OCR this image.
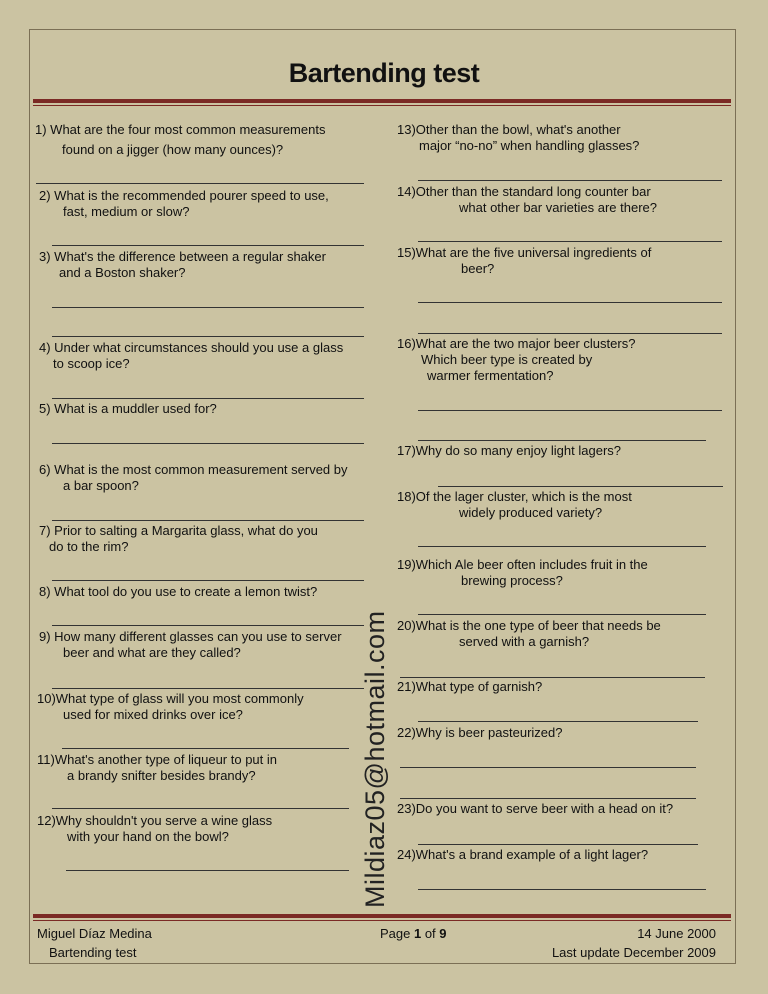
Bartending test
1) What are the four most common measurements
found on a jigger (how many ounces)?
2) What is the recommended pourer speed to use,
fast, medium or slow?
3) What's the difference between a regular shaker
and a Boston shaker?
4) Under what circumstances should you use a glass
to scoop ice?
5) What is a muddler used for?
6) What is the most common measurement served by
a bar spoon?
7) Prior to salting a Margarita glass, what do you
do to the rim?
8) What tool do you use to create a lemon twist?
9) How many different glasses can you use to server
beer and what are they called?
10)What type of glass will you most commonly
used for mixed drinks over ice?
11)What's another type of liqueur to put in
a brandy snifter besides brandy?
12)Why shouldn't you serve a wine glass
with your hand on the bowl?	Mildiaz05@hotmail.com
13)Other than the bowl, what's another
major “no-no” when handling glasses?
14)Other than the standard long counter bar
what other bar varieties are there?
15)What are the five universal ingredients of
beer?
16)What are the two major beer clusters?
Which beer type is created by
warmer fermentation?
17)Why do so many enjoy light lagers?
18)Of the lager cluster, which is the most
widely produced variety?
19)Which Ale beer often includes fruit in the
brewing process?
20)What is the one type of beer that needs be
served with a garnish?
21)What type of garnish?
22)Why is beer pasteurized?
23)Do you want to serve beer with a head on it?
24)What's a brand example of a light lager?
Miguel Díaz Medina
Bartending test
Page 1 of 9	14 June 2000
Last update December 2009
